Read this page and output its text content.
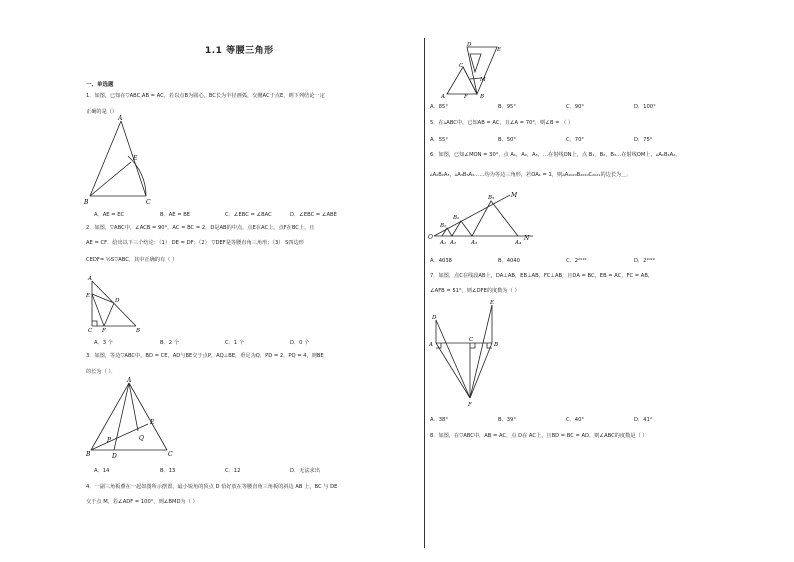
1.1 等腰三角形
一、单选题
1．如图，已知在▽ABC,AB = AC，若以点B为圆心，BC长为半径画弧，交腰AC于点E，则下列结论一定
正确的是（）
A
B	C
E
A．AE = EC	B．AE = BE	C．∠EBC = ∠BAC	D．∠EBC = ∠ABE
2．如图，▽ABC中，∠ACB = 90°，AC = BC = 2，D是AB的中点，点E在AC上，点F在BC上，且
AE = CF．给出以下三个结论：（1） DE = DF；（2） ▽DEF是等腰直角三角形；（3） S四边形
CEDF= ½S▽ABC，其中正确的有（ ）
A
E
D
C F	B
A．3 个	B．2 个	C．1 个	D．0 个
3．如图，等边▽ABC中，BD = CE，AD与BE交于点P，AQ⊥BE，垂足为Q，PD = 2，PQ = 4，则BE
的长为（ ）．
A
B	D	C
E
P	Q
A．14	B．13	C．12	D．无法求出
4．一副三角板叠在一起如图所示摆置，最小锐角的顶点 D 恰好放在等腰直角三角板的斜边 AB 上，BC 与 DE
交于点 M，若∠ADF = 100°，则∠BMD为（ ）
D
E
C
M
A	F B
A．85°	B．95°	C．90°	D．100°
5．在▵ABC中，已知AB = AC，且∠A = 70°，则∠B = （ ）
A．55°	B．50°	C．70°	D．75°
6．如图，已知∠MON = 30°，点 A₁，A₂，A₃，…在射线ON上，点 B₁，B₂，B₃…在射线OM上，▵A₁B₁A₂，
▵A₂B₂A₃，▵A₃B₃A₄……均为等边三角形，若OA₁ = 1，则▵A₂₀₂₀B₂₀₂₀C₂₀₂₁的边长为＿．
O
M
N
B₁
B₂
B₃
A₁ A₂	A₃	A₄
A．4038	B．4040	C．2²⁰¹⁹	D．2²⁰²⁰
7．如图，点C在线段AB上，DA⊥AB，EB⊥AB，FC⊥AB，且DA = BC，EB = AC，FC = AB，
∠AFB = 51°，则∠DFE的度数为（ ）
D
E
A
C
B
F
A．38°	B．39°	C．40°	D．41°
8．如图，在▽ABC中，AB = AC，点 D在 AC上，且BD = BC = AD，则∠ABC的度数是（ ）
